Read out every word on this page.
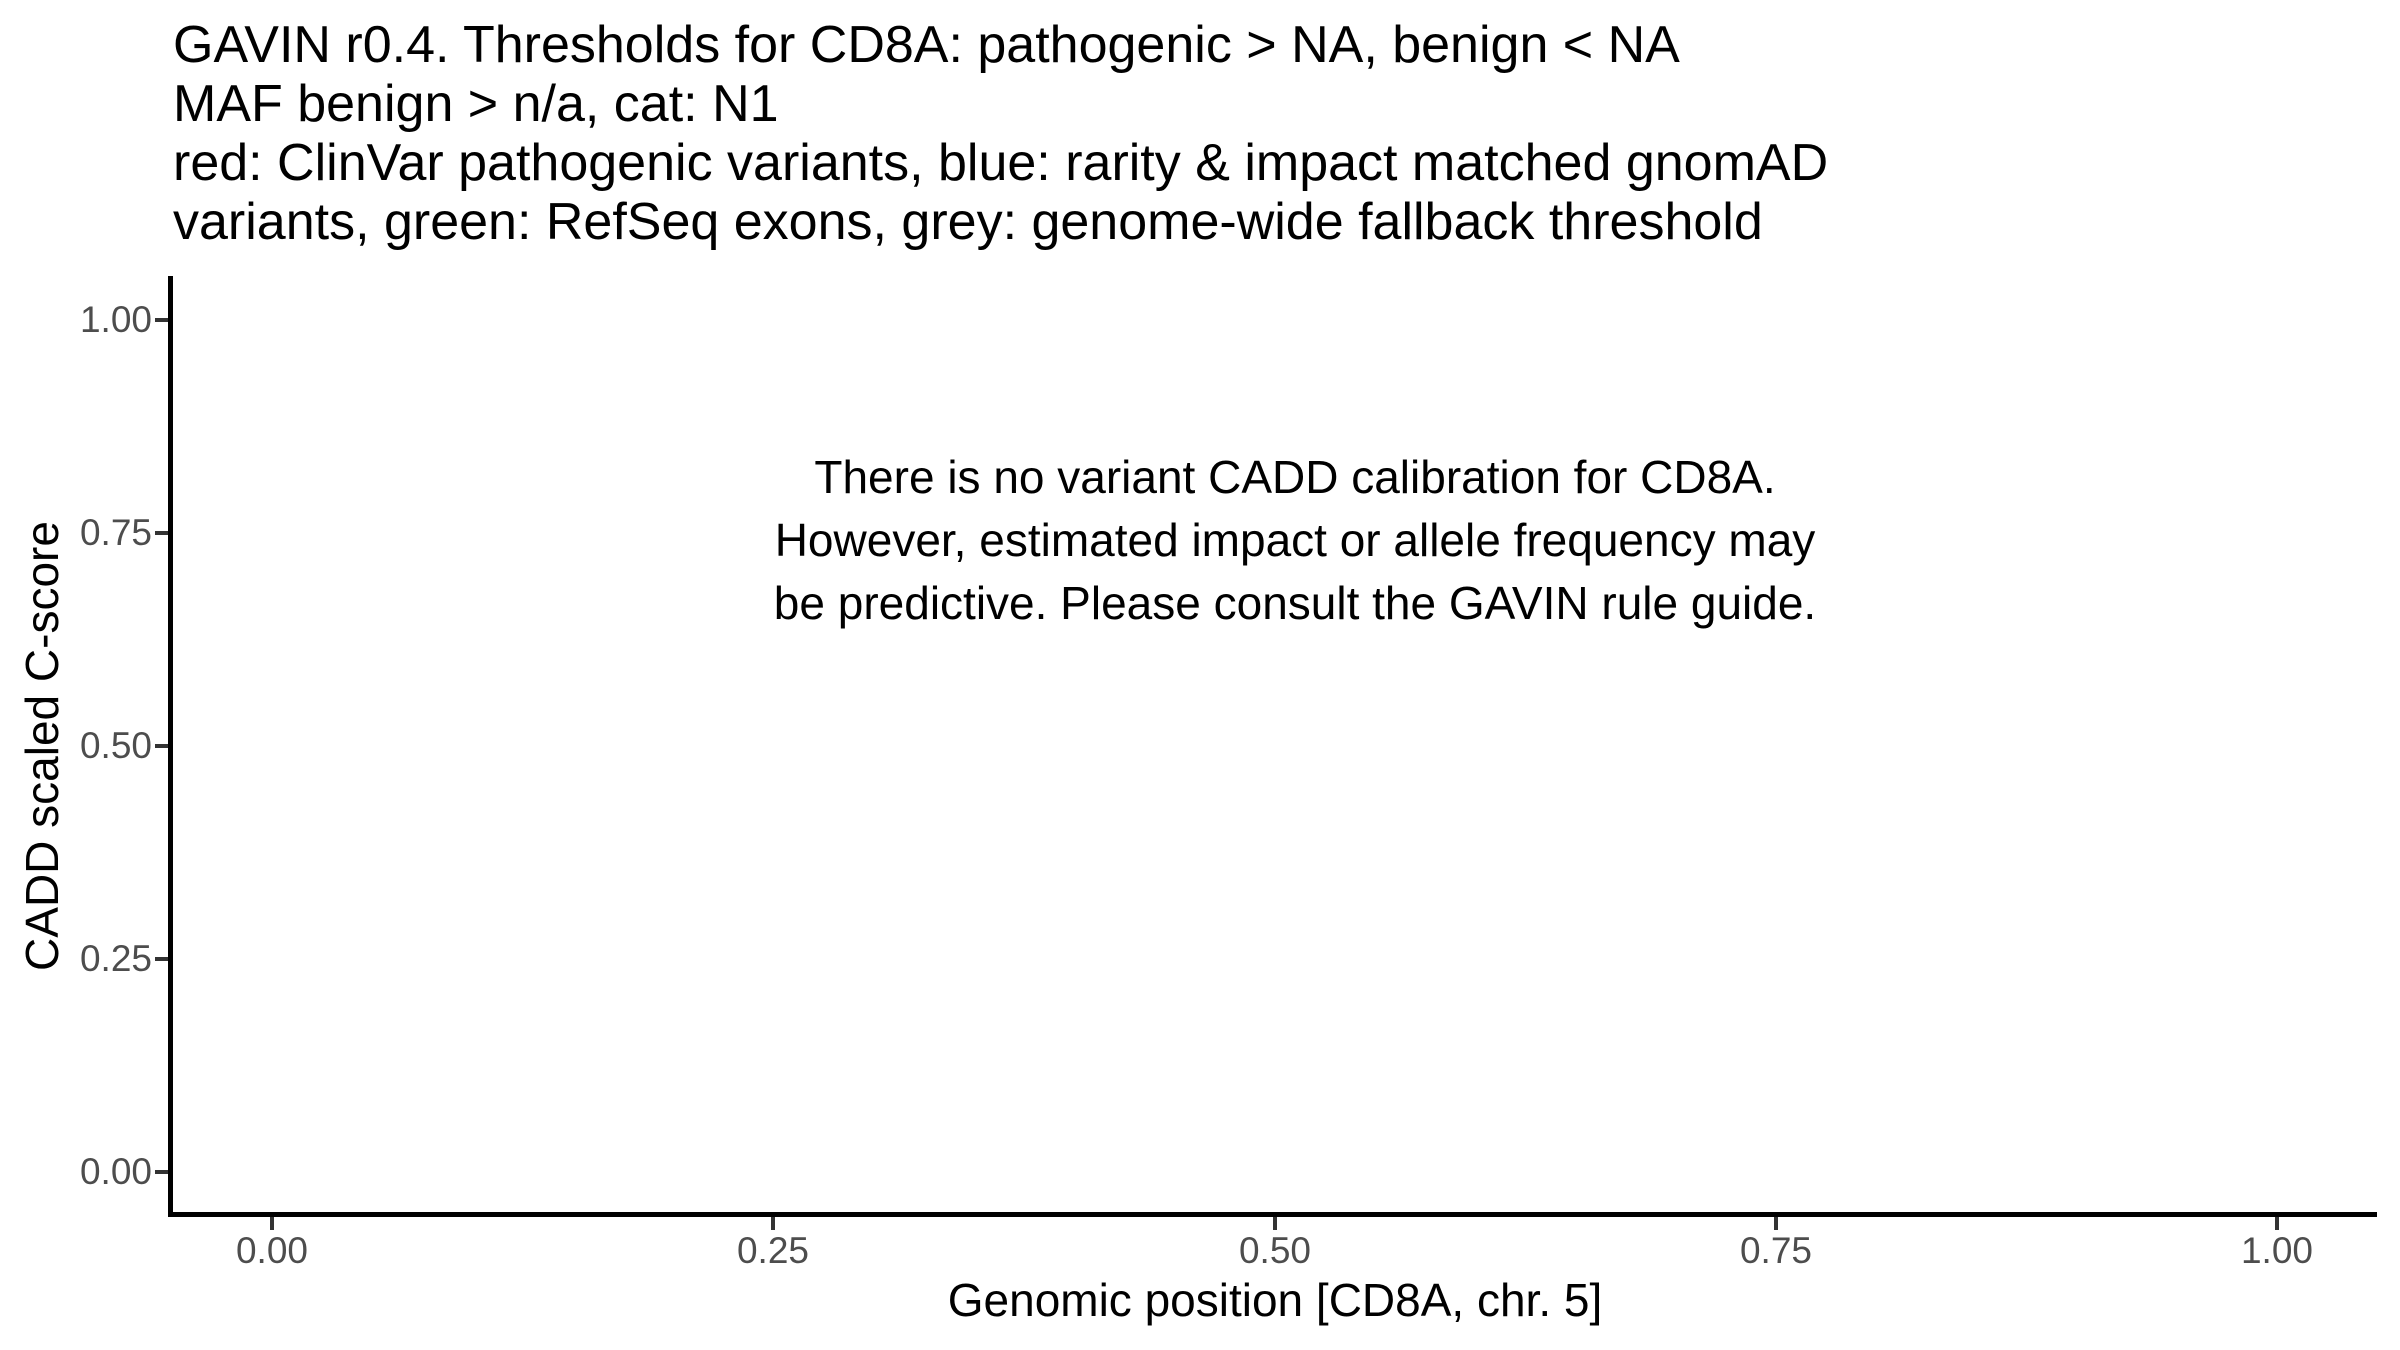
GAVIN r0.4. Thresholds for CD8A: pathogenic > NA, benign < NA
MAF benign > n/a, cat: N1
red: ClinVar pathogenic variants, blue: rarity & impact matched gnomAD
variants, green: RefSeq exons, grey: genome-wide fallback threshold
1.00
0.75
0.50
0.25
0.00
0.00	0.25	0.50	0.75	1.00
Genomic position [CD8A, chr. 5]
CADD scaled C-score
There is no variant CADD calibration for CD8A.
However, estimated impact or allele frequency may
be predictive. Please consult the GAVIN rule guide.
